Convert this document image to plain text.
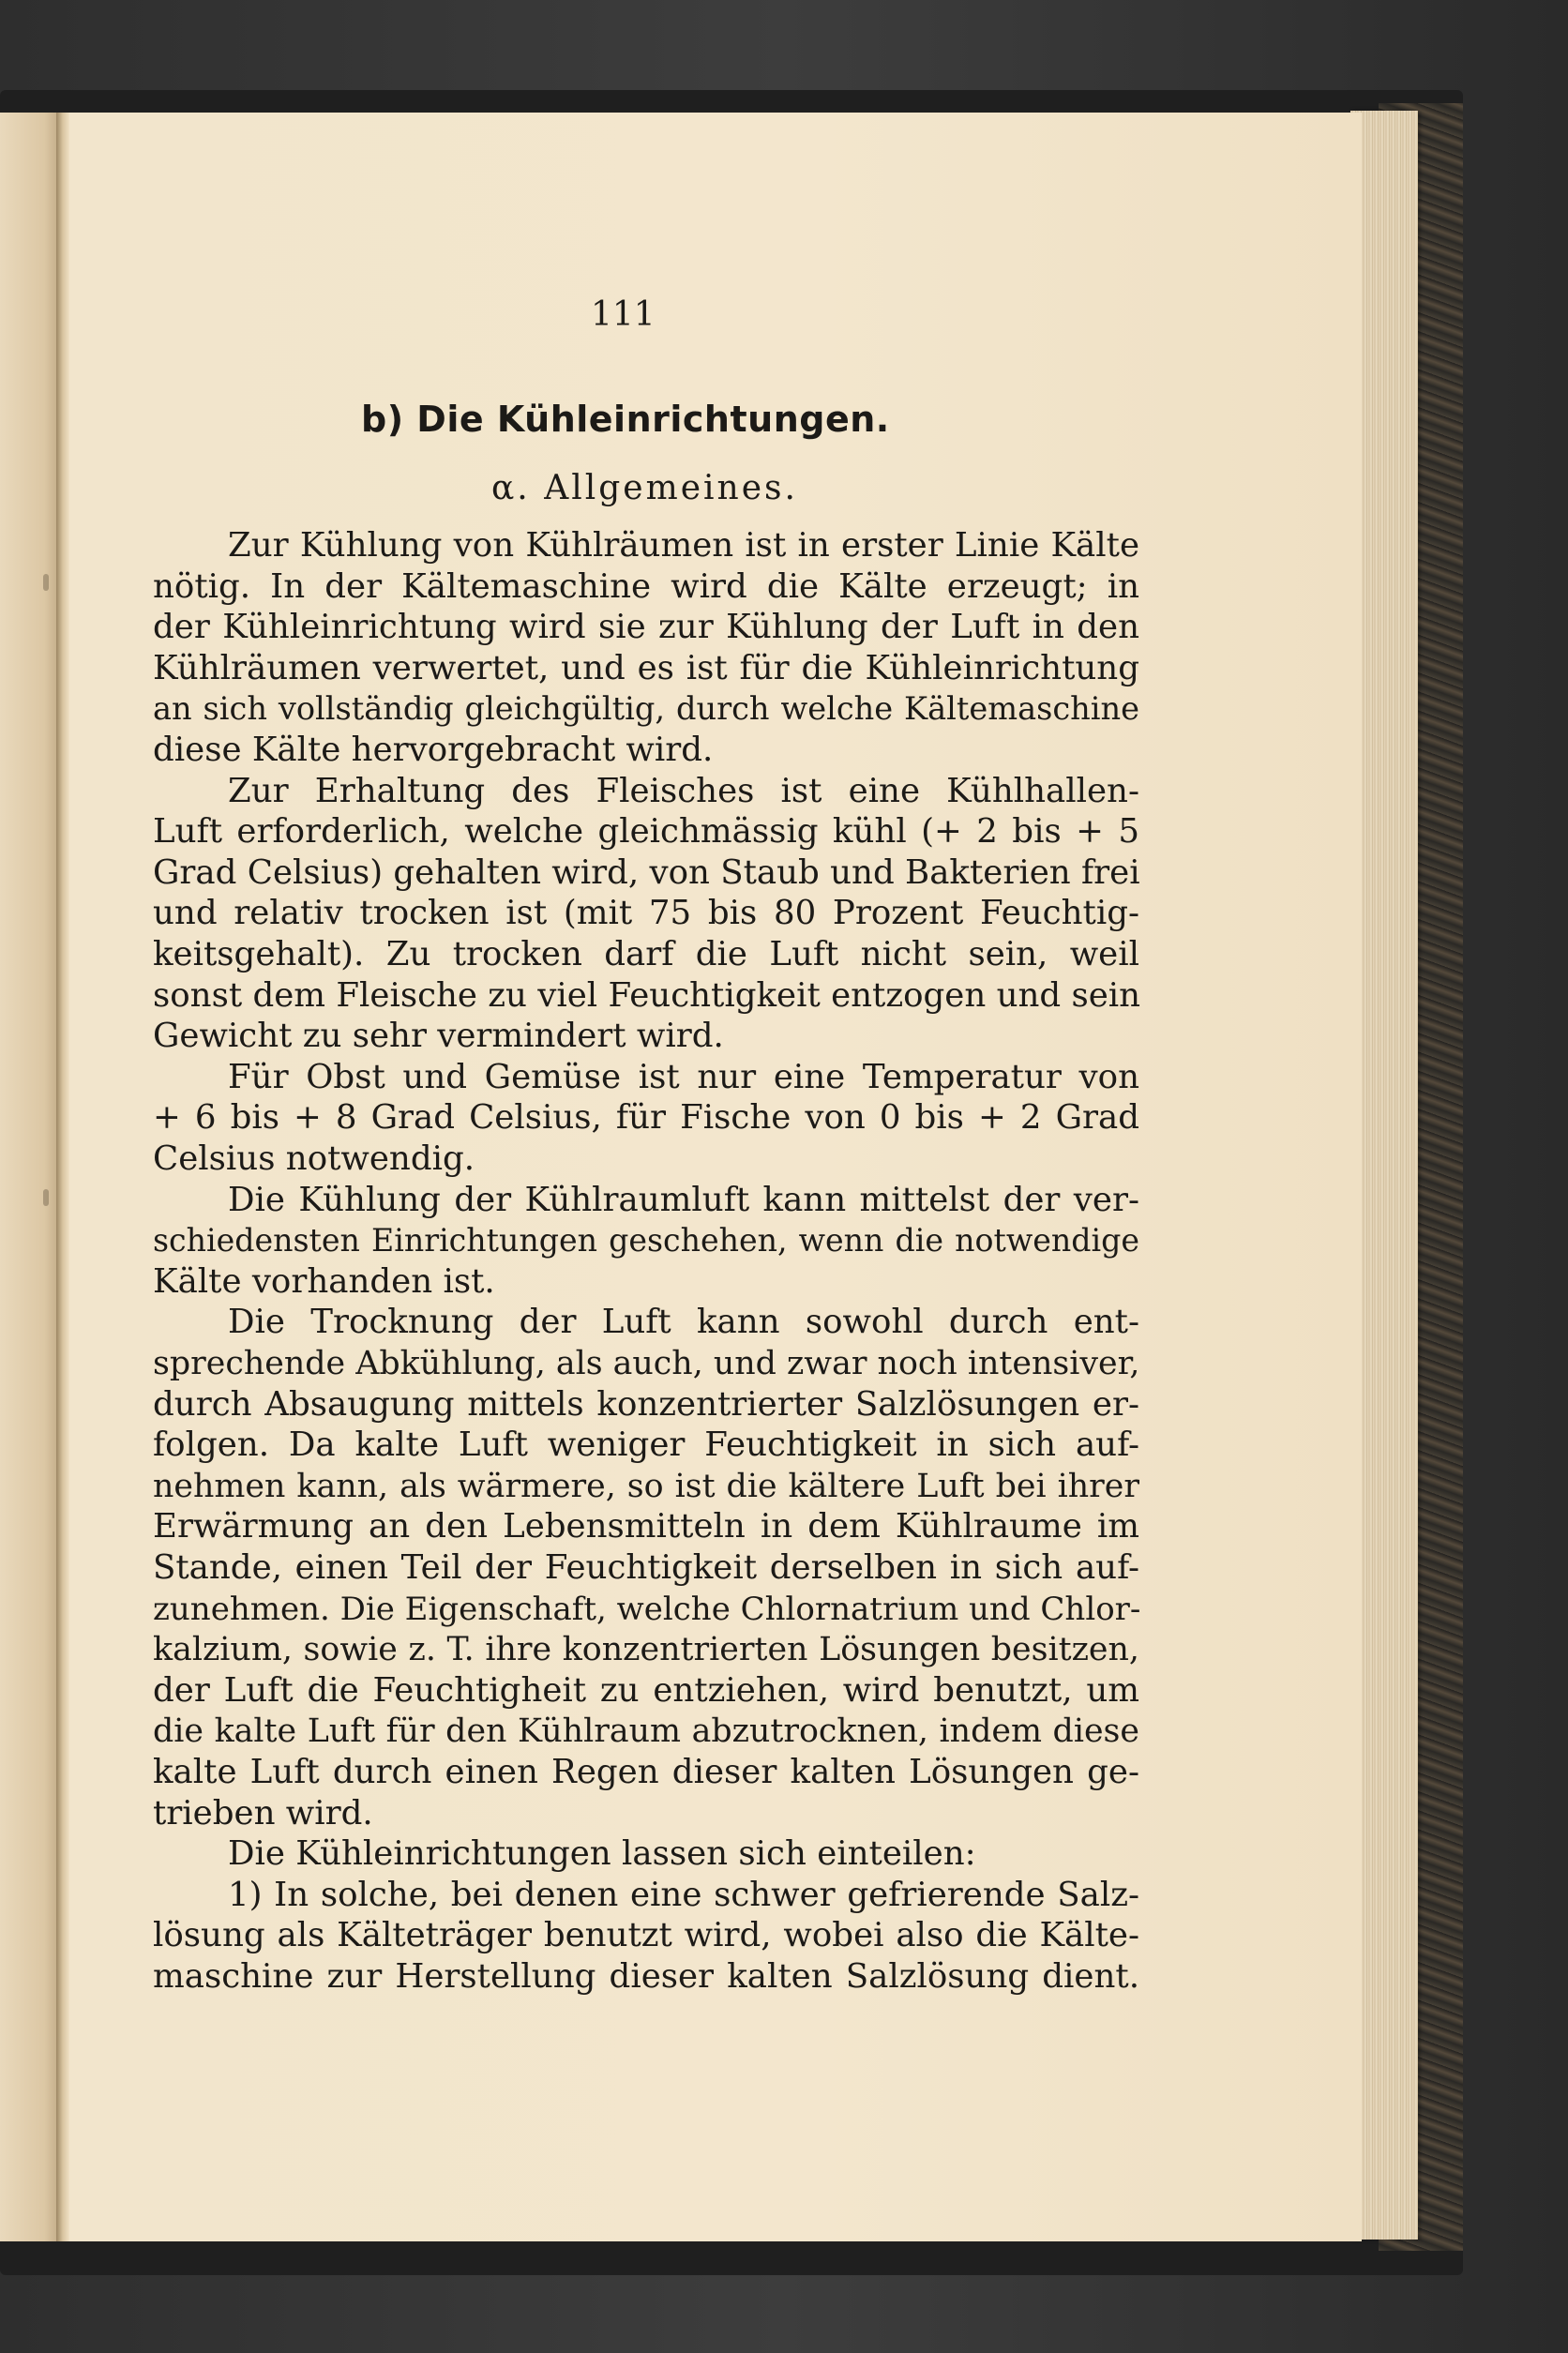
111
b) Die Kühleinrichtungen.
α. Allgemeines.
Zur Kühlung von Kühlräumen ist in erster Linie Kälte
nötig. In der Kältemaschine wird die Kälte erzeugt; in
der Kühleinrichtung wird sie zur Kühlung der Luft in den
Kühlräumen verwertet, und es ist für die Kühleinrichtung
an sich vollständig gleichgültig, durch welche Kältemaschine
diese Kälte hervorgebracht wird.
Zur Erhaltung des Fleisches ist eine Kühlhallen-
Luft erforderlich, welche gleichmässig kühl (+ 2 bis + 5
Grad Celsius) gehalten wird, von Staub und Bakterien frei
und relativ trocken ist (mit 75 bis 80 Prozent Feuchtig-
keitsgehalt). Zu trocken darf die Luft nicht sein, weil
sonst dem Fleische zu viel Feuchtigkeit entzogen und sein
Gewicht zu sehr vermindert wird.
Für Obst und Gemüse ist nur eine Temperatur von
+ 6 bis + 8 Grad Celsius, für Fische von 0 bis + 2 Grad
Celsius notwendig.
Die Kühlung der Kühlraumluft kann mittelst der ver-
schiedensten Einrichtungen geschehen, wenn die notwendige
Kälte vorhanden ist.
Die Trocknung der Luft kann sowohl durch ent-
sprechende Abkühlung, als auch, und zwar noch intensiver,
durch Absaugung mittels konzentrierter Salzlösungen er-
folgen. Da kalte Luft weniger Feuchtigkeit in sich auf-
nehmen kann, als wärmere, so ist die kältere Luft bei ihrer
Erwärmung an den Lebensmitteln in dem Kühlraume im
Stande, einen Teil der Feuchtigkeit derselben in sich auf-
zunehmen. Die Eigenschaft, welche Chlornatrium und Chlor-
kalzium, sowie z. T. ihre konzentrierten Lösungen besitzen,
der Luft die Feuchtigheit zu entziehen, wird benutzt, um
die kalte Luft für den Kühlraum abzutrocknen, indem diese
kalte Luft durch einen Regen dieser kalten Lösungen ge-
trieben wird.
Die Kühleinrichtungen lassen sich einteilen:
1) In solche, bei denen eine schwer gefrierende Salz-
lösung als Kälteträger benutzt wird, wobei also die Kälte-
maschine zur Herstellung dieser kalten Salzlösung dient.
